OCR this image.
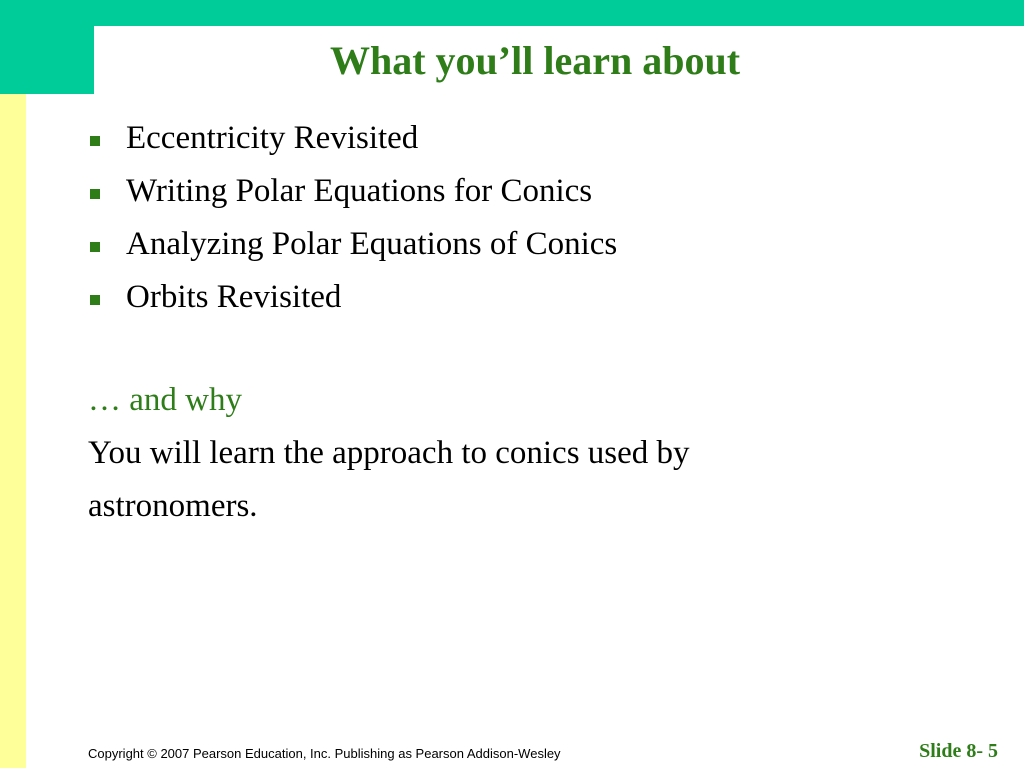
What you’ll learn about
Eccentricity Revisited
Writing Polar Equations for Conics
Analyzing Polar Equations of Conics
Orbits Revisited
… and why
You will learn the approach to conics used by astronomers.
Copyright © 2007 Pearson Education, Inc. Publishing as Pearson Addison-Wesley	Slide 8- 5
